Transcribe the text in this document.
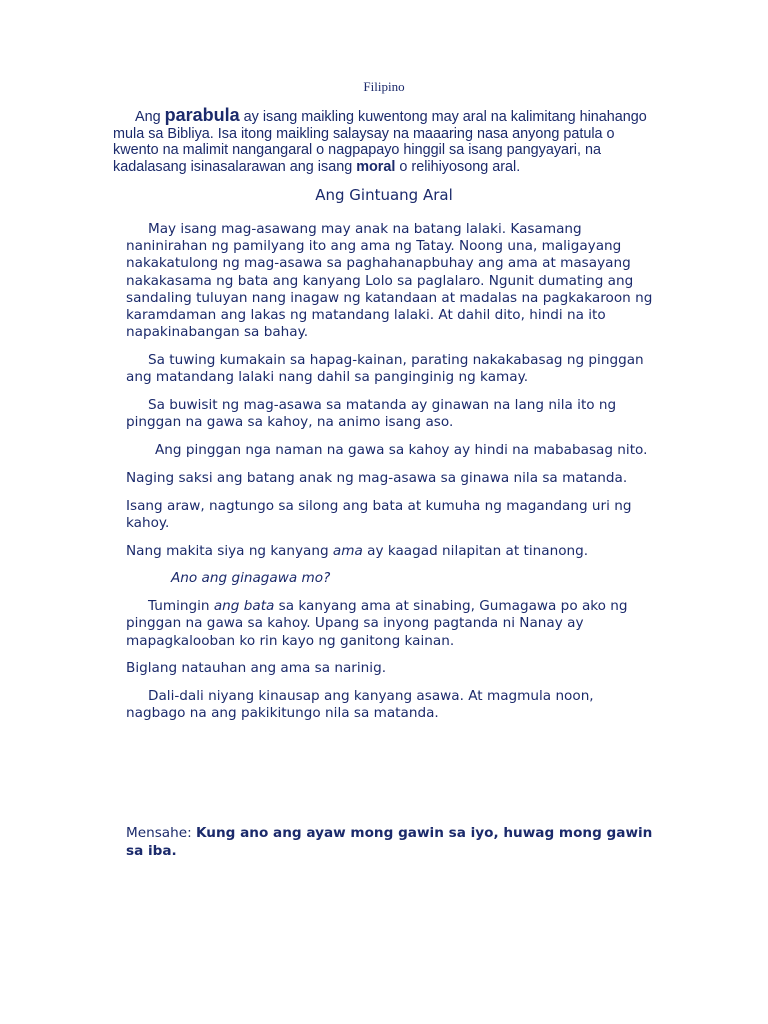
Filipino
Ang parabula ay isang maikling kuwentong may aral na kalimitang hinahango mula sa Bibliya. Isa itong maikling salaysay na maaaring nasa anyong patula o kwento na malimit nangangaral o nagpapayo hinggil sa isang pangyayari, na kadalasang isinasalarawan ang isang moral o relihiyosong aral.
Ang Gintuang Aral

May isang mag-asawang may anak na batang lalaki. Kasamang naninirahan ng pamilyang ito ang ama ng Tatay. Noong una, maligayang nakakatulong ng mag-asawa sa paghahanapbuhay ang ama at masayang nakakasama ng bata ang kanyang Lolo sa paglalaro. Ngunit dumating ang sandaling tuluyan nang inagaw ng katandaan at madalas na pagkakaroon ng karamdaman ang lakas ng matandang lalaki. At dahil dito, hindi na ito napakinabangan sa bahay.

Sa tuwing kumakain sa hapag-kainan, parating nakakabasag ng pinggan ang matandang lalaki nang dahil sa panginginig ng kamay.

Sa buwisit ng mag-asawa sa matanda ay ginawan na lang nila ito ng pinggan na gawa sa kahoy, na animo isang aso.

Ang pinggan nga naman na gawa sa kahoy ay hindi na mababasag nito.

Naging saksi ang batang anak ng mag-asawa sa ginawa nila sa matanda.

Isang araw, nagtungo sa silong ang bata at kumuha ng magandang uri ng kahoy.

Nang makita siya ng kanyang ama ay kaagad nilapitan at tinanong.

Ano ang ginagawa mo?

Tumingin ang bata sa kanyang ama at sinabing, Gumagawa po ako ng pinggan na gawa sa kahoy. Upang sa inyong pagtanda ni Nanay ay mapagkalooban ko rin kayo ng ganitong kainan.

Biglang natauhan ang ama sa narinig.

Dali-dali niyang kinausap ang kanyang asawa. At magmula noon, nagbago na ang pakikitungo nila sa matanda.

Mensahe: Kung ano ang ayaw mong gawin sa iyo, huwag mong gawin sa iba.
